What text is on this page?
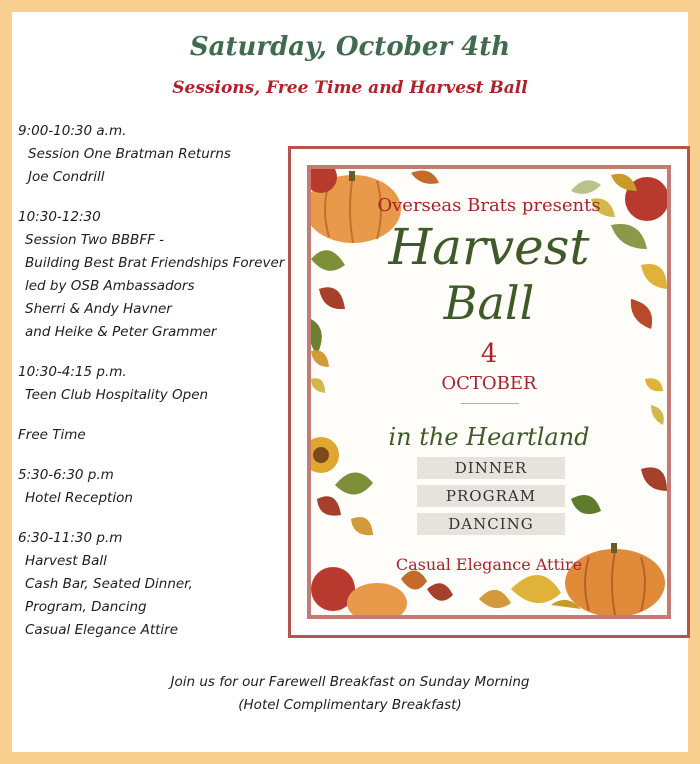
Saturday, October 4th
Sessions, Free Time and Harvest Ball
9:00-10:30 a.m.
Session One Bratman Returns
Joe Condrill
10:30-12:30
Session Two BBBFF -
Building Best Brat Friendships Forever
led by OSB Ambassadors
Sherri & Andy Havner
and Heike & Peter Grammer
10:30-4:15 p.m.
Teen Club Hospitality Open
Free Time
5:30-6:30 p.m
Hotel Reception
6:30-11:30 p.m
Harvest Ball
Cash Bar, Seated Dinner,
Program, Dancing
Casual Elegance Attire
Overseas Brats presents
Harvest
Ball
4
OCTOBER
in the Heartland
DINNER
PROGRAM
DANCING
Casual Elegance Attire
Join us for our Farewell Breakfast on Sunday Morning
(Hotel Complimentary Breakfast)
